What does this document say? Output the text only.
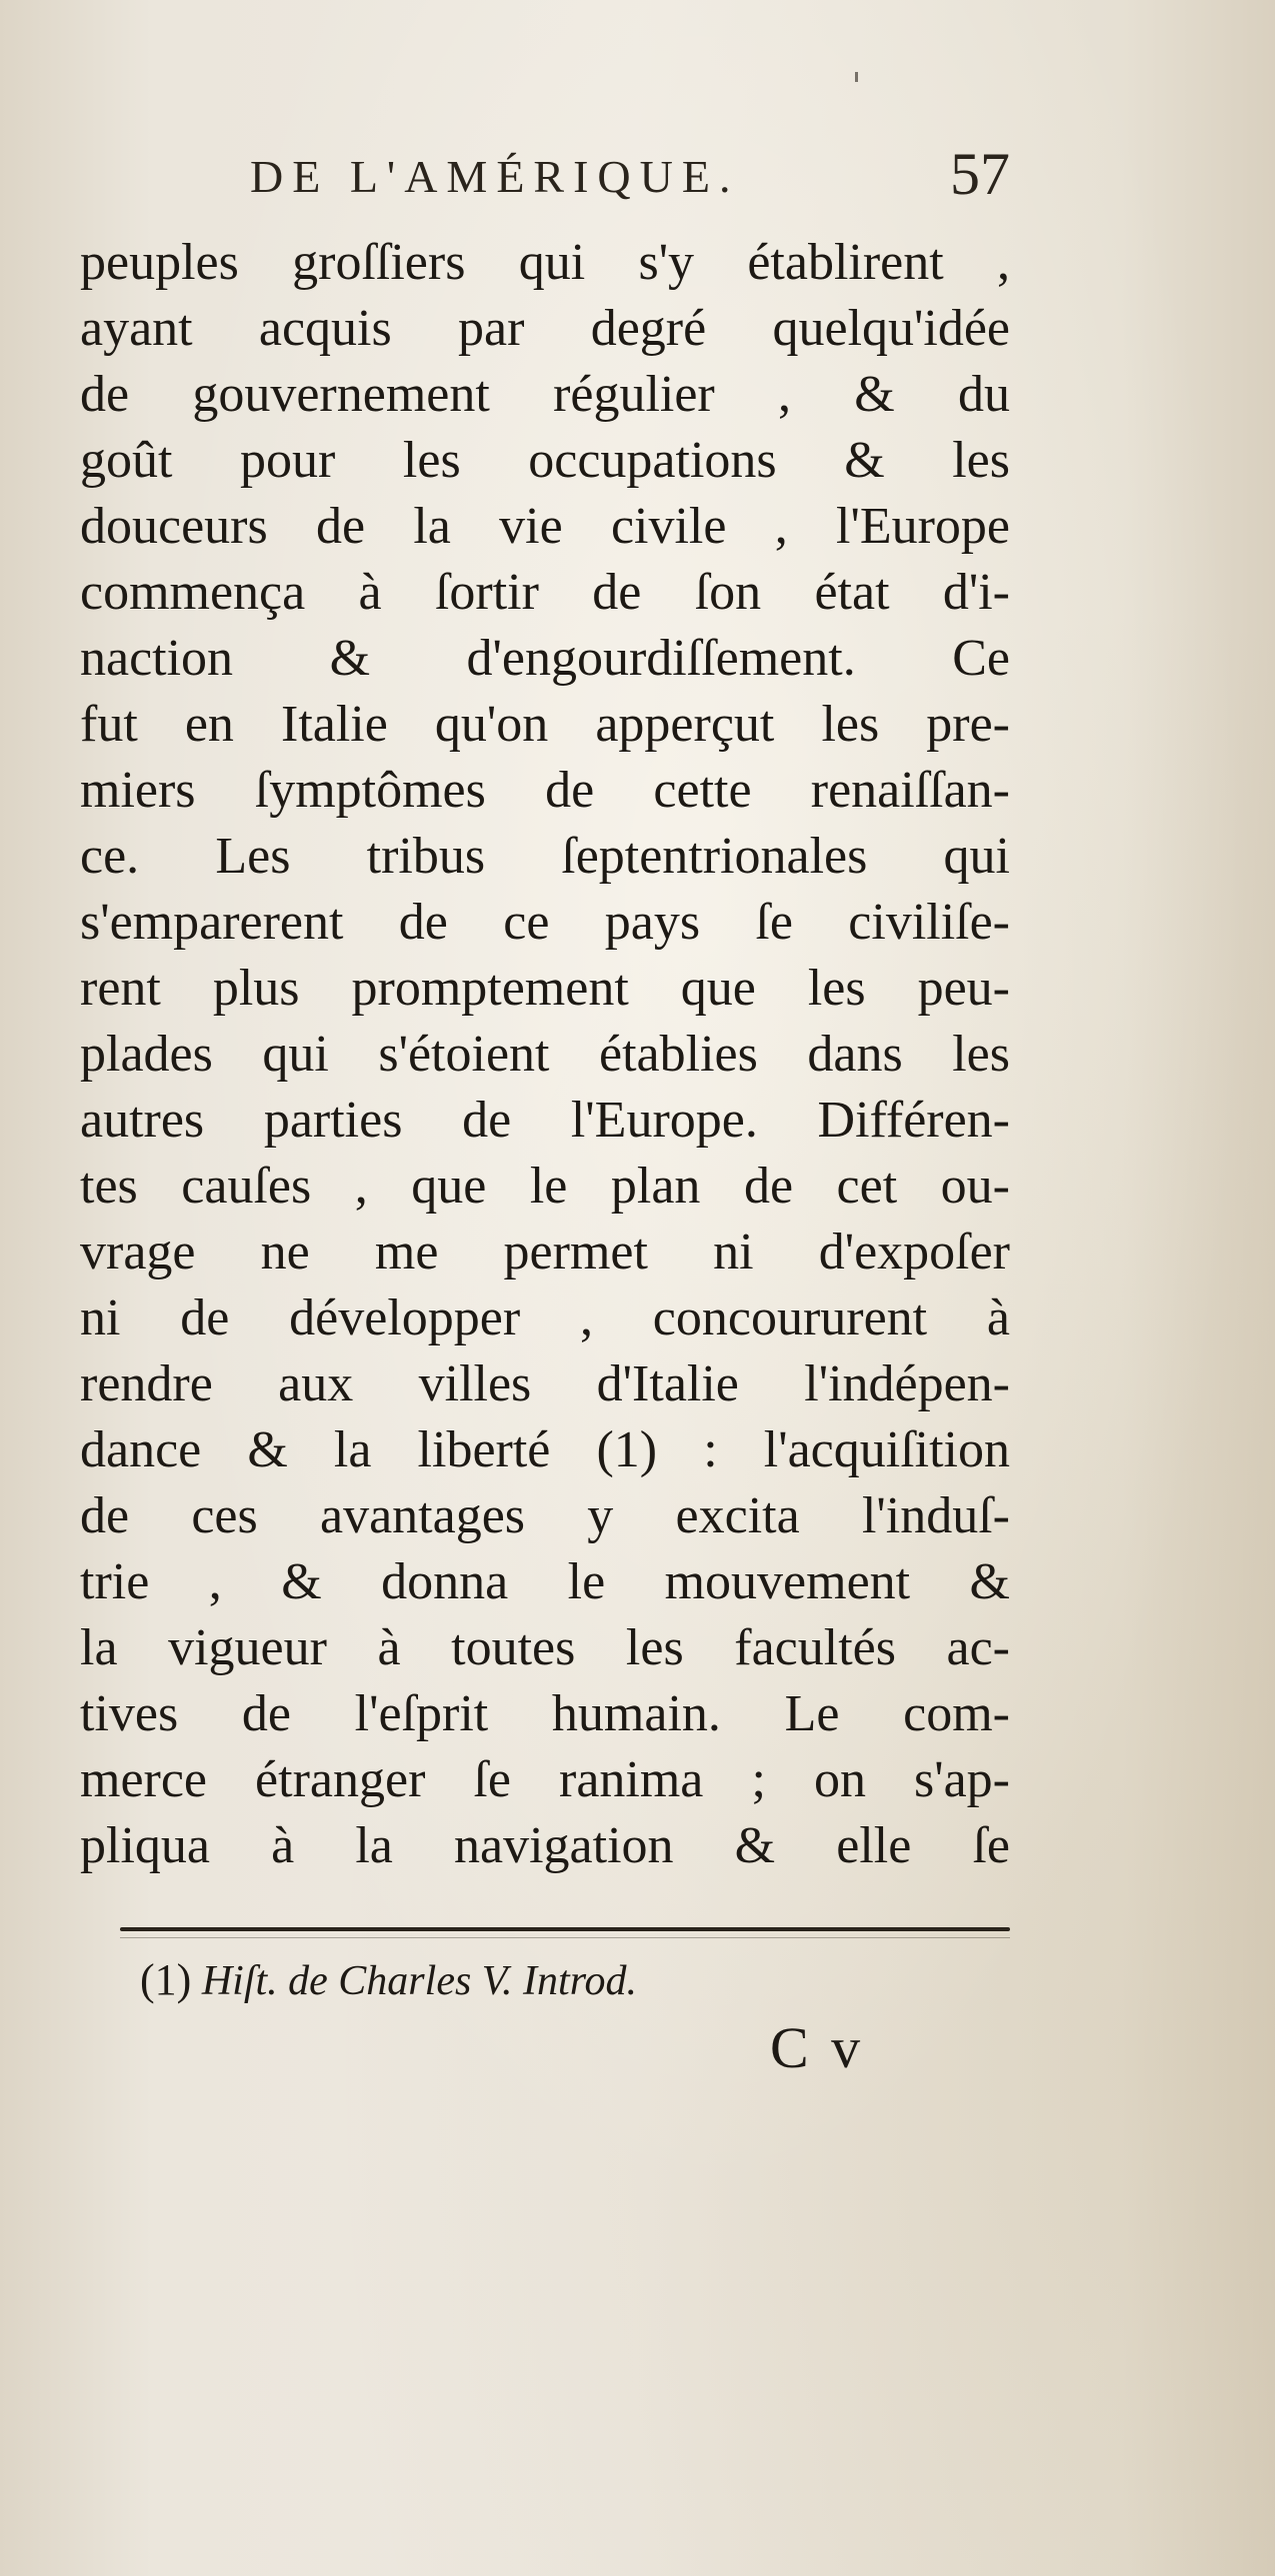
DE L'AMÉRIQUE.	57
peuples groſſiers qui s'y établirent ,
ayant acquis par degré quelqu'idée
de gouvernement régulier , & du
goût pour les occupations & les
douceurs de la vie civile , l'Europe
commença à ſortir de ſon état d'i-
naction & d'engourdiſſement. Ce
fut en Italie qu'on apperçut les pre-
miers ſymptômes de cette renaiſſan-
ce. Les tribus ſeptentrionales qui
s'emparerent de ce pays ſe civiliſe-
rent plus promptement que les peu-
plades qui s'étoient établies dans les
autres parties de l'Europe. Différen-
tes cauſes , que le plan de cet ou-
vrage ne me permet ni d'expoſer
ni de développer , concoururent à
rendre aux villes d'Italie l'indépen-
dance & la liberté (1) : l'acquiſition
de ces avantages y excita l'induſ-
trie , & donna le mouvement &
la vigueur à toutes les facultés ac-
tives de l'eſprit humain. Le com-
merce étranger ſe ranima ; on s'ap-
pliqua à la navigation & elle ſe
(1) Hiſt. de Charles V. Introd.
C v
